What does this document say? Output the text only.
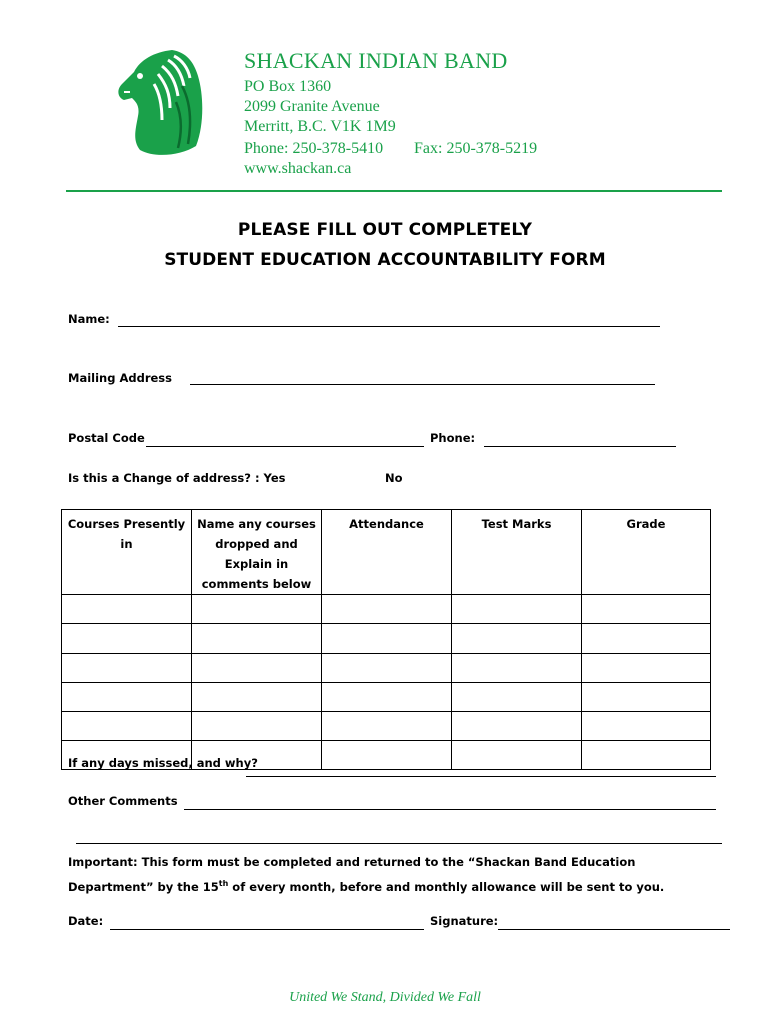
SHACKAN INDIAN BAND
PO Box 1360
2099 Granite Avenue
Merritt, B.C. V1K 1M9
Phone: 250-378-5410 Fax: 250-378-5219
www.shackan.ca
PLEASE FILL OUT COMPLETELY
STUDENT EDUCATION ACCOUNTABILITY FORM
Name:
Mailing Address
Postal Code	Phone:
Is this a Change of address? : Yes	No
Courses Presently in	Name any courses dropped and Explain in comments below	Attendance	Test Marks	Grade

If any days missed, and why?
Other Comments
Important: This form must be completed and returned to the “Shackan Band Education Department” by the 15th of every month, before and monthly allowance will be sent to you.
Date:	Signature:
United We Stand, Divided We Fall
